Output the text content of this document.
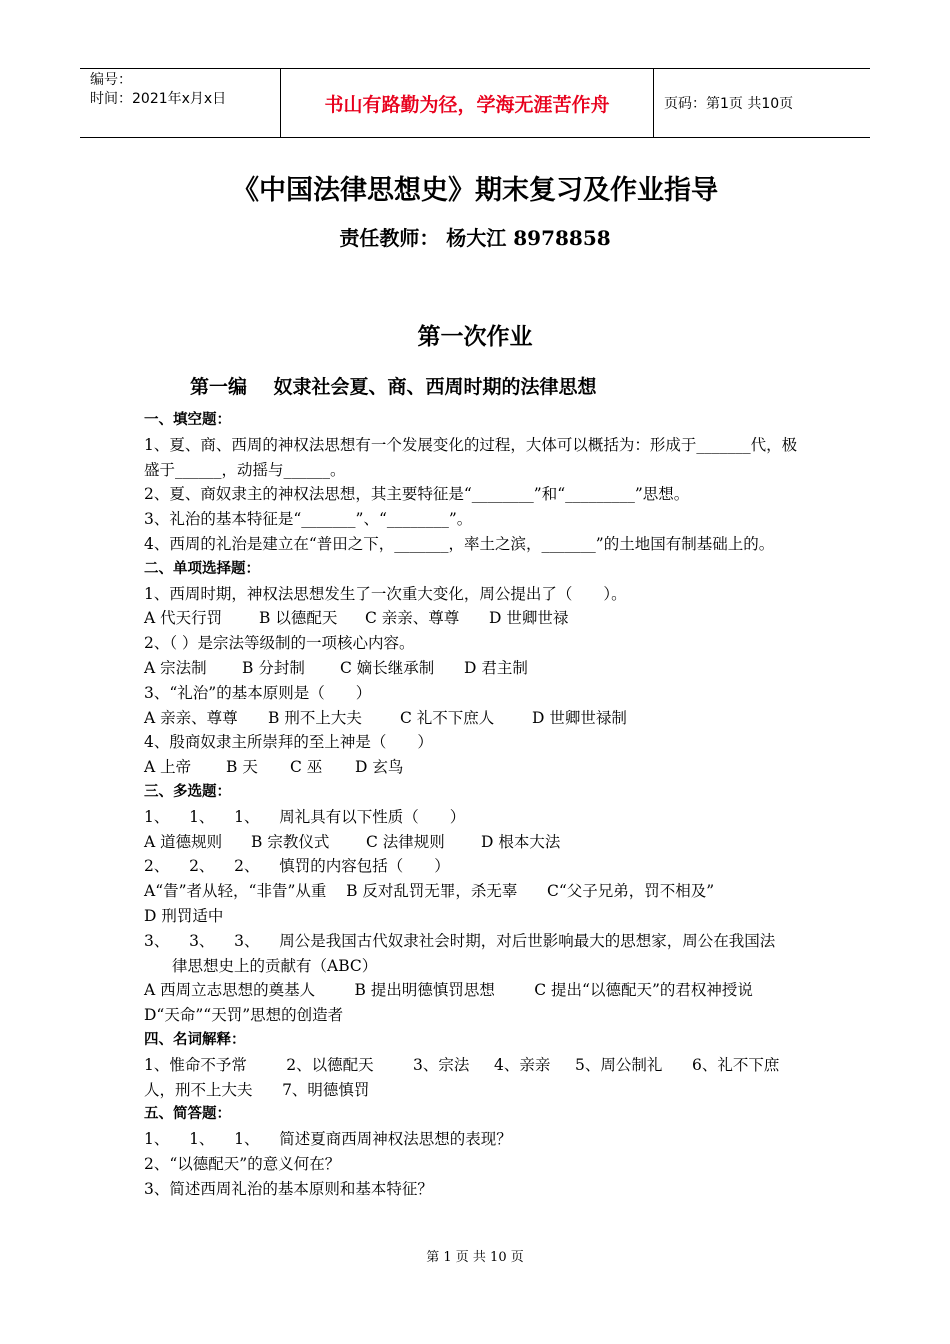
编号：
时间：2021年x月x日	书山有路勤为径，学海无涯苦作舟	页码：第1页 共10页
《中国法律思想史》期末复习及作业指导
责任教师： 杨大江 8978858
第一次作业
第一编    奴隶社会夏、商、西周时期的法律思想
一、填空题：
1、夏、商、西周的神权法思想有一个发展变化的过程，大体可以概括为：形成于_______代，极盛于______，动摇与______。
2、夏、商奴隶主的神权法思想，其主要特征是“________”和“_________”思想。
3、礼治的基本特征是“_______”、“________”。
4、西周的礼治是建立在“普田之下，_______，率土之滨，_______”的土地国有制基础上的。
二、单项选择题：
1、西周时期，神权法思想发生了一次重大变化，周公提出了（　　）。
A 代天行罚 B 以德配天 C 亲亲、尊尊 D 世卿世禄
2、（ ）是宗法等级制的一项核心内容。
A 宗法制 B 分封制 C 嫡长继承制 D 君主制
3、“礼治”的基本原则是（　　）
A 亲亲、尊尊 B 刑不上大夫 C 礼不下庶人 D 世卿世禄制
4、殷商奴隶主所崇拜的至上神是（　　）
A 上帝 B 天 C 巫 D 玄鸟
三、多选题：
1、    1、    1、    周礼具有以下性质（　　）
A 道德规则 B 宗教仪式 C 法律规则 D 根本大法
2、    2、    2、    慎罚的内容包括（　　）
A“眚”者从轻，“非眚”从重    B 反对乱罚无罪，杀无辜      C“父子兄弟，罚不相及”
D 刑罚适中
3、    3、    3、    周公是我国古代奴隶社会时期，对后世影响最大的思想家，周公在我国法
律思想史上的贡献有（ABC）
A 西周立志思想的奠基人        B 提出明德慎罚思想        C 提出“以德配天”的君权神授说
D“天命”“天罚”思想的创造者
四、名词解释：
1、惟命不予常        2、以德配天        3、宗法     4、亲亲     5、周公制礼      6、礼不下庶
人，刑不上大夫      7、明德慎罚
五、简答题：
1、    1、    1、    简述夏商西周神权法思想的表现？
2、“以德配天”的意义何在？
3、简述西周礼治的基本原则和基本特征？
第 1 页 共 10 页
